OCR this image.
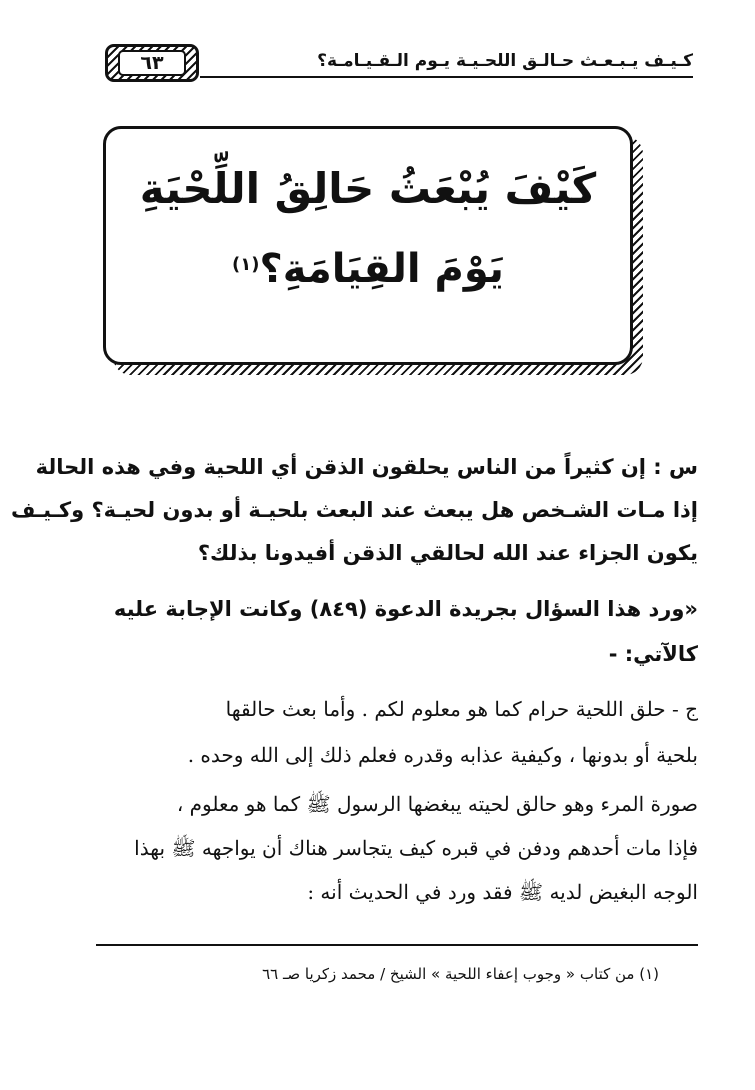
كـيـف يـبـعـث حـالـق اللحـيـة يـوم الـقـيـامـة؟
٦٣
كَيْفَ يُبْعَثُ حَالِقُ اللِّحْيَةِ
يَوْمَ القِيَامَةِ؟$^{(١)}$
س : إن كثيراً من الناس يحلقون الذقن أي اللحية وفي هذه الحالة
إذا مـات الشـخص هل يبعث عند البعث بلحيـة أو بدون لحيـة؟ وكـيـف
يكون الجزاء عند الله لحالقي الذقن أفيدونا بذلك؟
«ورد هذا السؤال بجريدة الدعوة (٨٤٩) وكانت الإجابة عليه
كالآتي: -
ج - حلق اللحية حرام كما هو معلوم لكم . وأما بعث حالقها
بلحية أو بدونها ، وكيفية عذابه وقدره فعلم ذلك إلى الله وحده .
صورة المرء وهو حالق لحيته يبغضها الرسول ﷺ كما هو معلوم ،
فإذا مات أحدهم ودفن في قبره كيف يتجاسر هناك أن يواجهه ﷺ بهذا
الوجه البغيض لديه ﷺ فقد ورد في الحديث أنه :
(١) من كتاب « وجوب إعفاء اللحية » الشيخ / محمد زكريا صـ ٦٦
